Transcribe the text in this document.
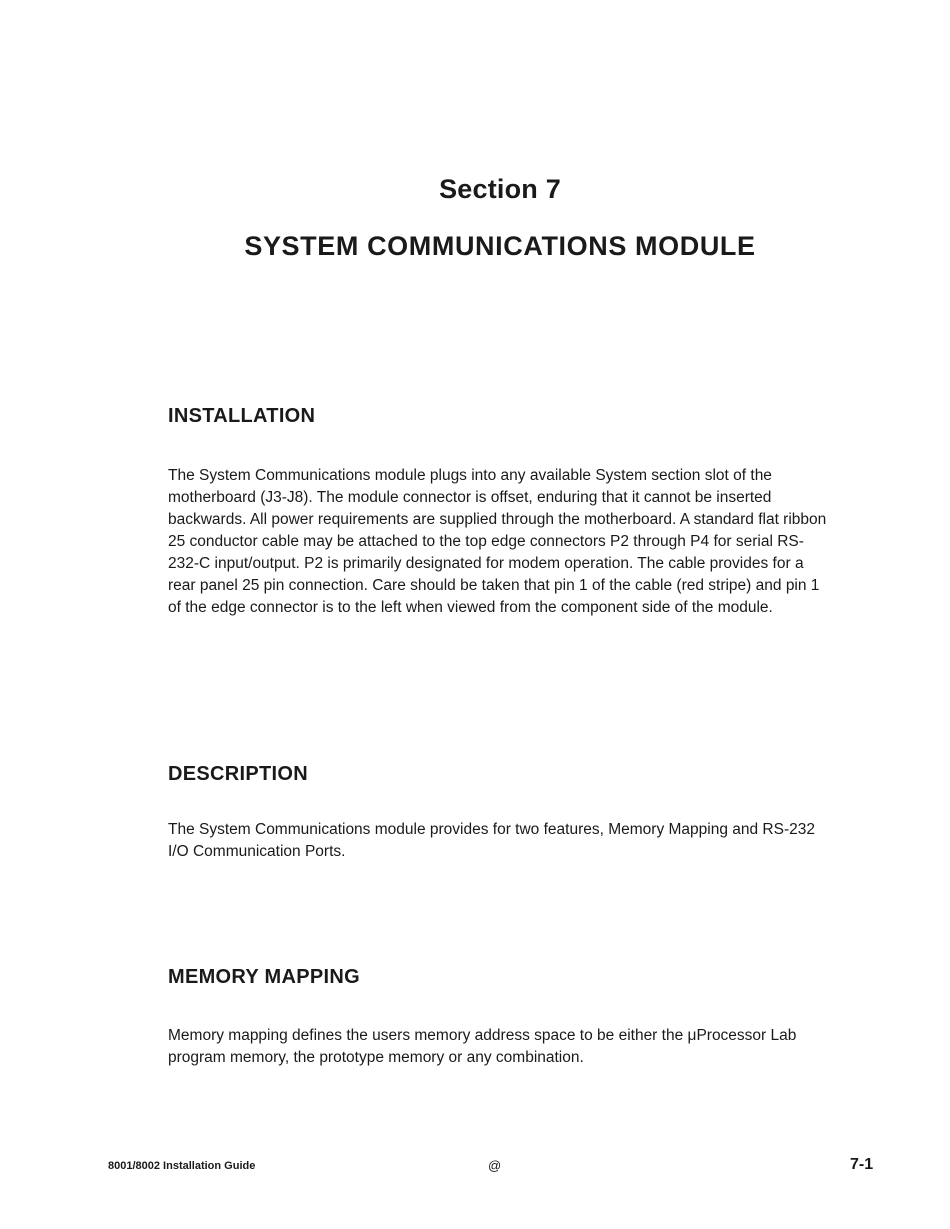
Section 7
SYSTEM COMMUNICATIONS MODULE
INSTALLATION

The System Communications module plugs into any available System section slot of the motherboard (J3-J8). The module connector is offset, enduring that it cannot be inserted backwards. All power requirements are supplied through the motherboard. A standard flat ribbon 25 conductor cable may be attached to the top edge connectors P2 through P4 for serial RS-232-C input/output. P2 is primarily designated for modem operation. The cable provides for a rear panel 25 pin connection. Care should be taken that pin 1 of the cable (red stripe) and pin 1 of the edge connector is to the left when viewed from the component side of the module.

DESCRIPTION

The System Communications module provides for two features, Memory Mapping and RS-232 I/O Communication Ports.

MEMORY MAPPING

Memory mapping defines the users memory address space to be either the μProcessor Lab program memory, the prototype memory or any combination.

8001/8002 Installation Guide	@	7-1
